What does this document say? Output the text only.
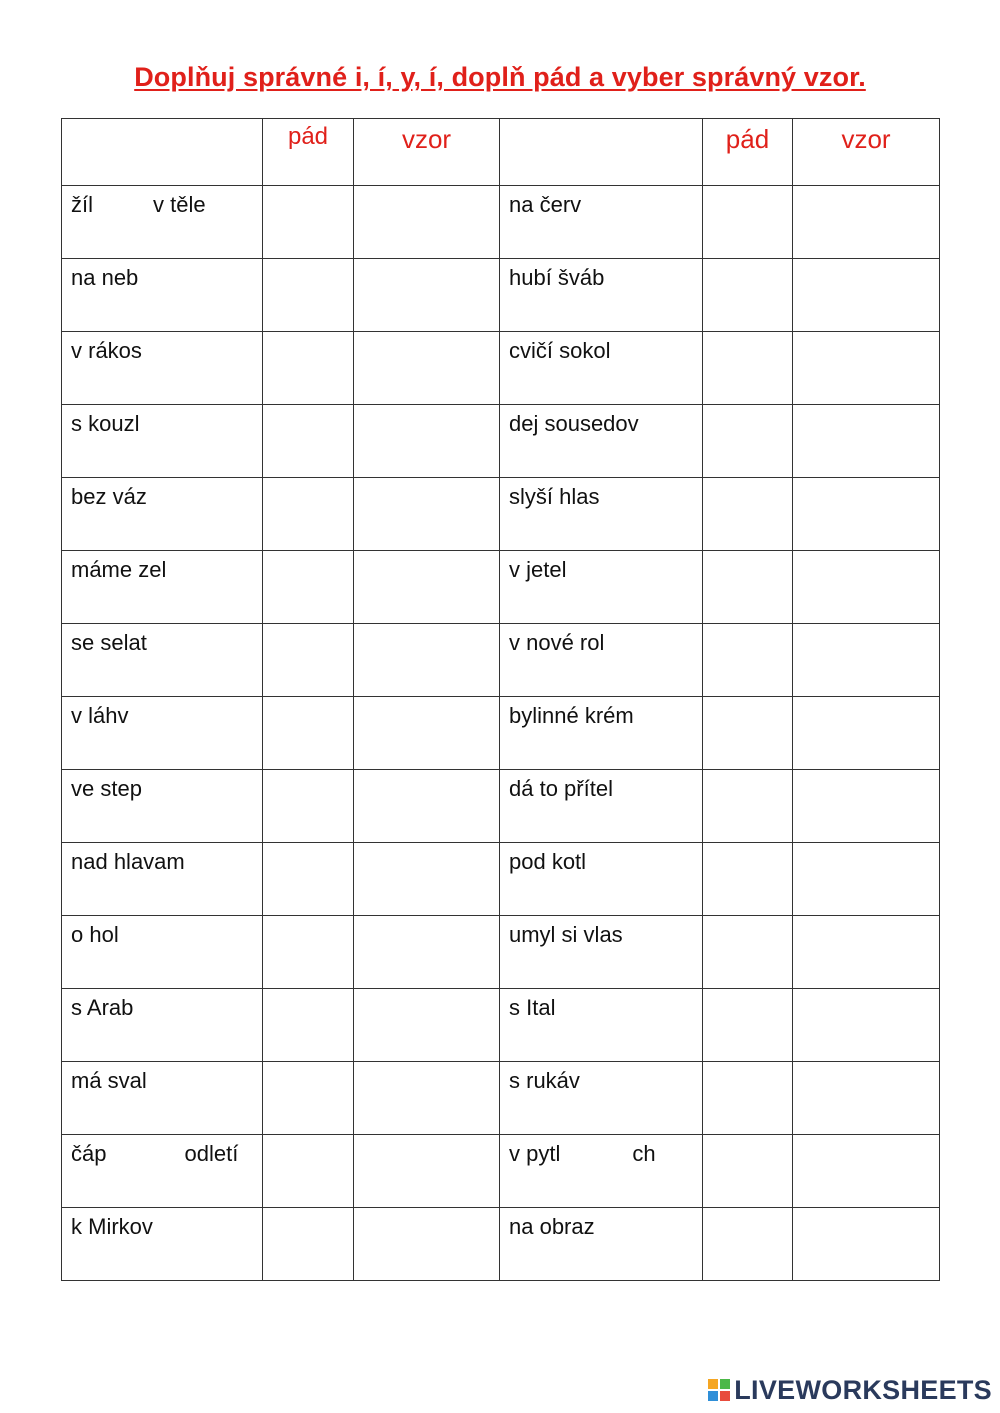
Doplňuj správné i, í, y, í, doplň pád a vyber správný vzor.

	pád	vzor		pád	vzor

žíl v těle			na červ		
na neb			hubí šváb		
v rákos			cvičí sokol		
s kouzl			dej sousedov		
bez váz			slyší hlas		
máme zel			v jetel		
se selat			v nové rol		
v láhv			bylinné krém		
ve step			dá to přítel		
nad hlavam			pod kotl		
o hol			umyl si vlas		
s Arab			s Ital		
má sval			s rukáv		
čáp odletí			v pytl ch		
k Mirkov			na obraz		
LIVEWORKSHEETS
